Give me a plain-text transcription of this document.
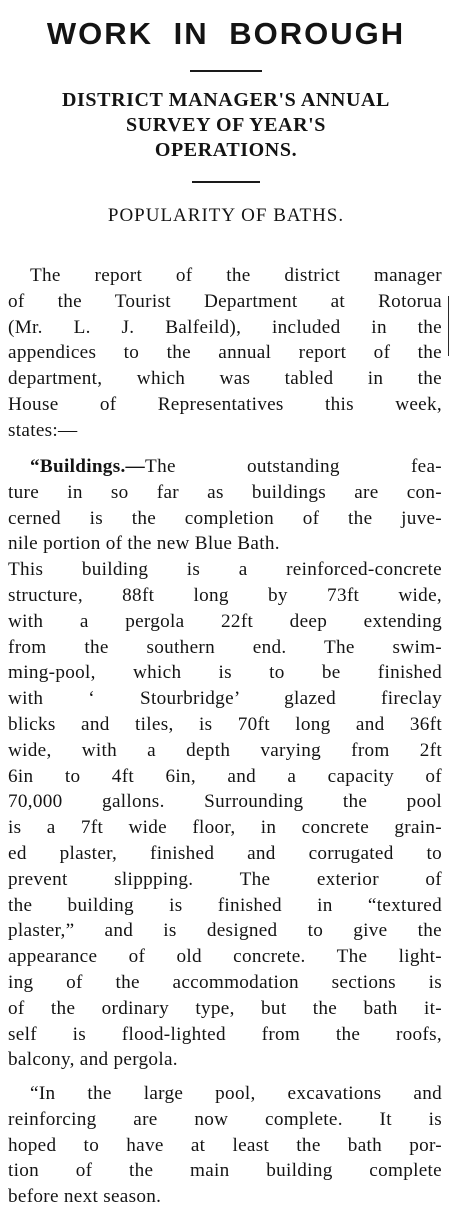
WORK IN BOROUGH
DISTRICT MANAGER'S ANNUAL
SURVEY OF YEAR'S
OPERATIONS.
POPULARITY OF BATHS.
The report of the district manager
of the Tourist Department at Rotorua
(Mr. L. J. Balfeild), included in the
appendices to the annual report of the
department, which was tabled in the
House of Representatives this week,
states:—
“Buildings.—The outstanding fea-
ture in so far as buildings are con-
cerned is the completion of the juve-
nile portion of the new Blue Bath.
This building is a reinforced-concrete
structure, 88ft long by 73ft wide,
with a pergola 22ft deep extending
from the southern end. The swim-
ming-pool, which is to be finished
with ‘ Stourbridge’ glazed fireclay
blicks and tiles, is 70ft long and 36ft
wide, with a depth varying from 2ft
6in to 4ft 6in, and a capacity of
70,000 gallons. Surrounding the pool
is a 7ft wide floor, in concrete grain-
ed plaster, finished and corrugated to
prevent slippping. The exterior of
the building is finished in “textured
plaster,” and is designed to give the
appearance of old concrete. The light-
ing of the accommodation sections is
of the ordinary type, but the bath it-
self is flood-lighted from the roofs,
balcony, and pergola.
“In the large pool, excavations and
reinforcing are now complete. It is
hoped to have at least the bath por-
tion of the main building complete
before next season.
